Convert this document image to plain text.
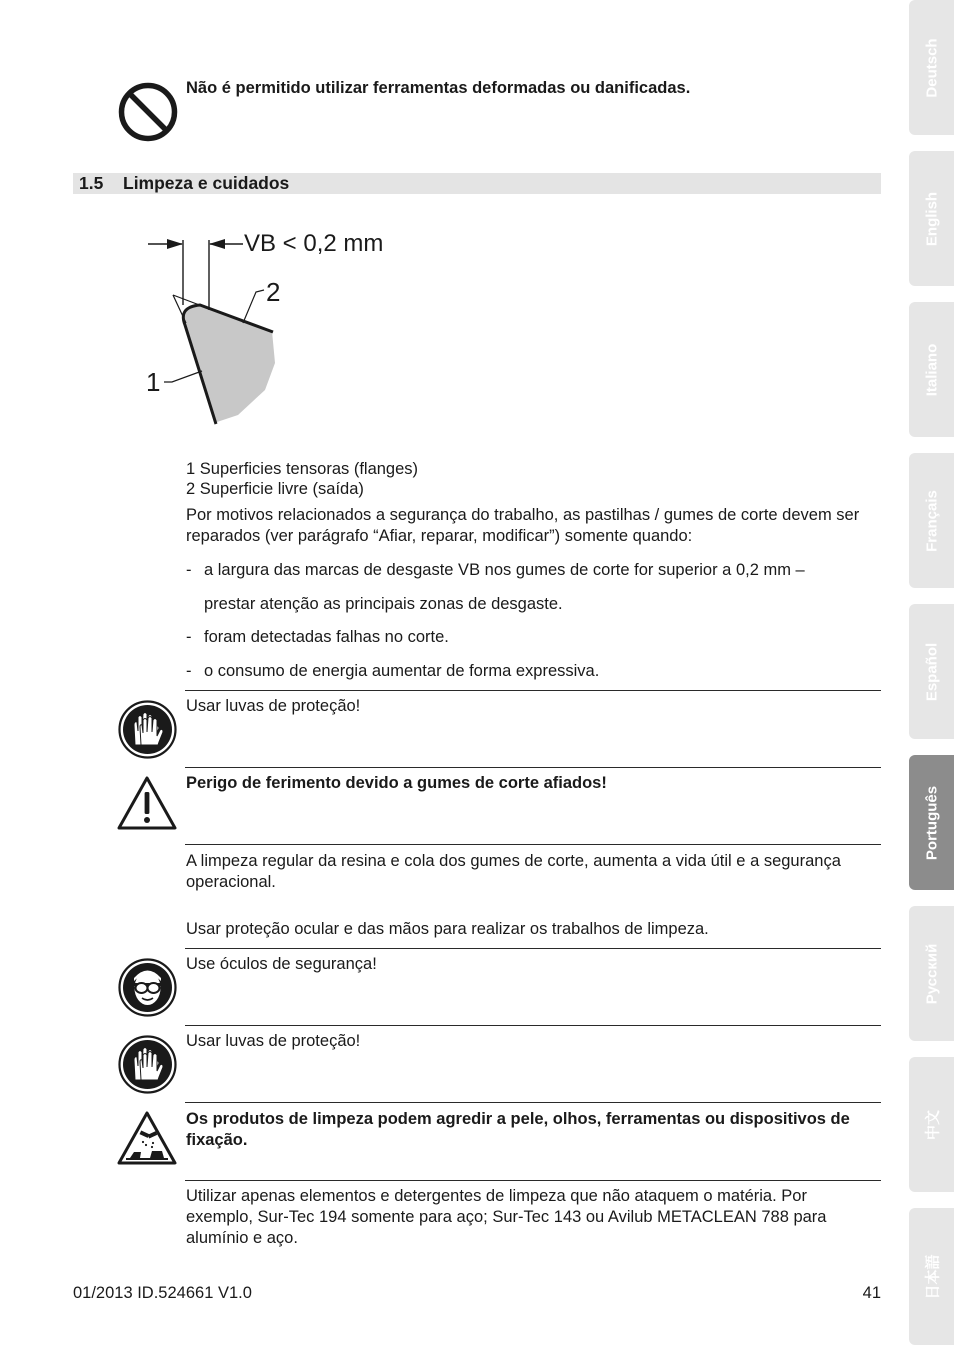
Deutsch
English
Italiano
Français
Español
Português
Русский
中文
日本語
Não é permitido utilizar ferramentas deformadas ou danificadas.
1.5 Limpeza e cuidados
VB < 0,2 mm
2
1
1 Superficies tensoras (flanges)
2 Superficie livre (saída)
Por motivos relacionados a segurança do trabalho, as pastilhas / gumes de corte devem ser reparados (ver parágrafo “Afiar, reparar, modificar”) somente quando:
- a largura das marcas de desgaste VB nos gumes de corte for superior a 0,2 mm –
prestar atenção as principais zonas de desgaste.
- foram detectadas falhas no corte.
- o consumo de energia aumentar de forma expressiva.
Usar luvas de proteção!
Perigo de ferimento devido a gumes de corte afiados!
A limpeza regular da resina e cola dos gumes de corte, aumenta a vida útil e a segurança operacional.
Usar proteção ocular e das mãos para realizar os trabalhos de limpeza.
Use óculos de segurança!
Usar luvas de proteção!
Os produtos de limpeza podem agredir a pele, olhos, ferramentas ou dispositivos de fixação.
Utilizar apenas elementos e detergentes de limpeza que não ataquem o matéria. Por exemplo, Sur-Tec 194 somente para aço; Sur-Tec 143 ou Avilub METACLEAN 788 para alumínio e aço.
01/2013 ID.524661 V1.0	41
